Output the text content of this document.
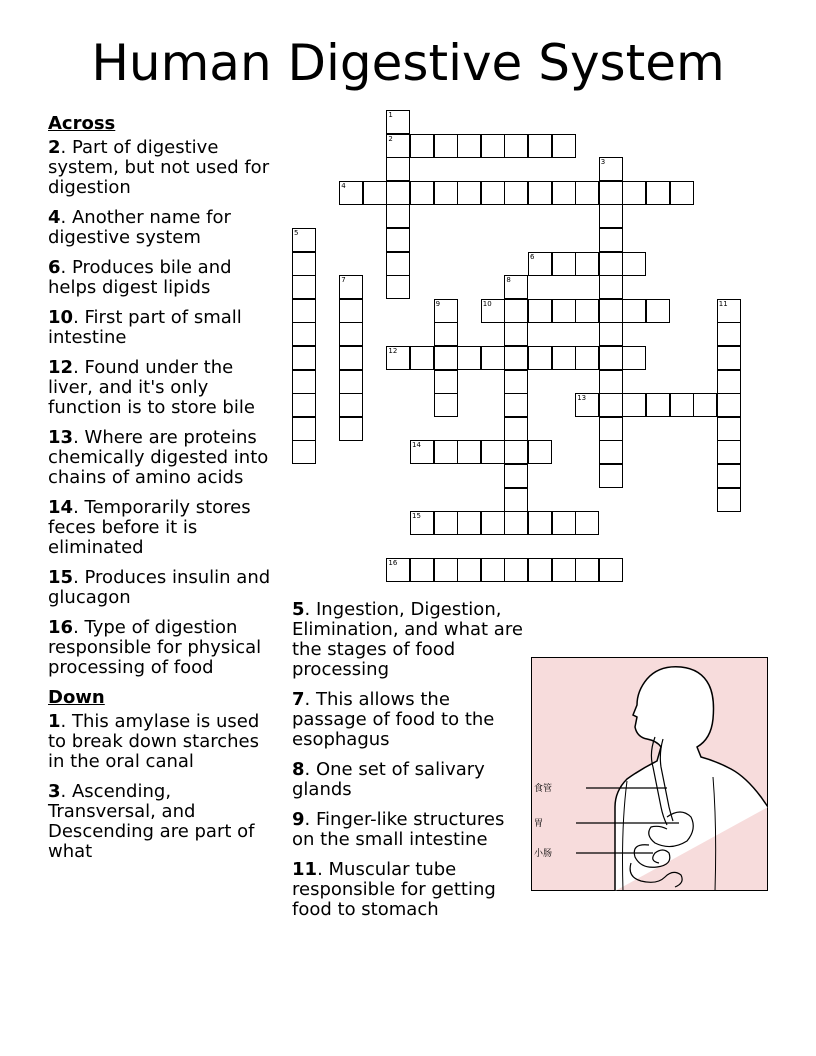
Human Digestive System
Across
2. Part of digestive system, but not used for digestion
4. Another name for digestive system
6. Produces bile and helps digest lipids
10. First part of small intestine
12. Found under the liver, and it's only function is to store bile
13. Where are proteins chemically digested into chains of amino acids
14. Temporarily stores feces before it is eliminated
15. Produces insulin and glucagon
16. Type of digestion responsible for physical processing of food
Down
1. This amylase is used to break down starches in the oral canal
3. Ascending, Transversal, and Descending are part of what
5. Ingestion, Digestion, Elimination, and what are the stages of food processing
7. This allows the passage of food to the esophagus
8. One set of salivary glands
9. Finger-like structures on the small intestine
11. Muscular tube responsible for getting food to stomach
2
4
6
10
12
13
14
15
16
1
3
5
7	8
9	11
食管
胃
小肠
